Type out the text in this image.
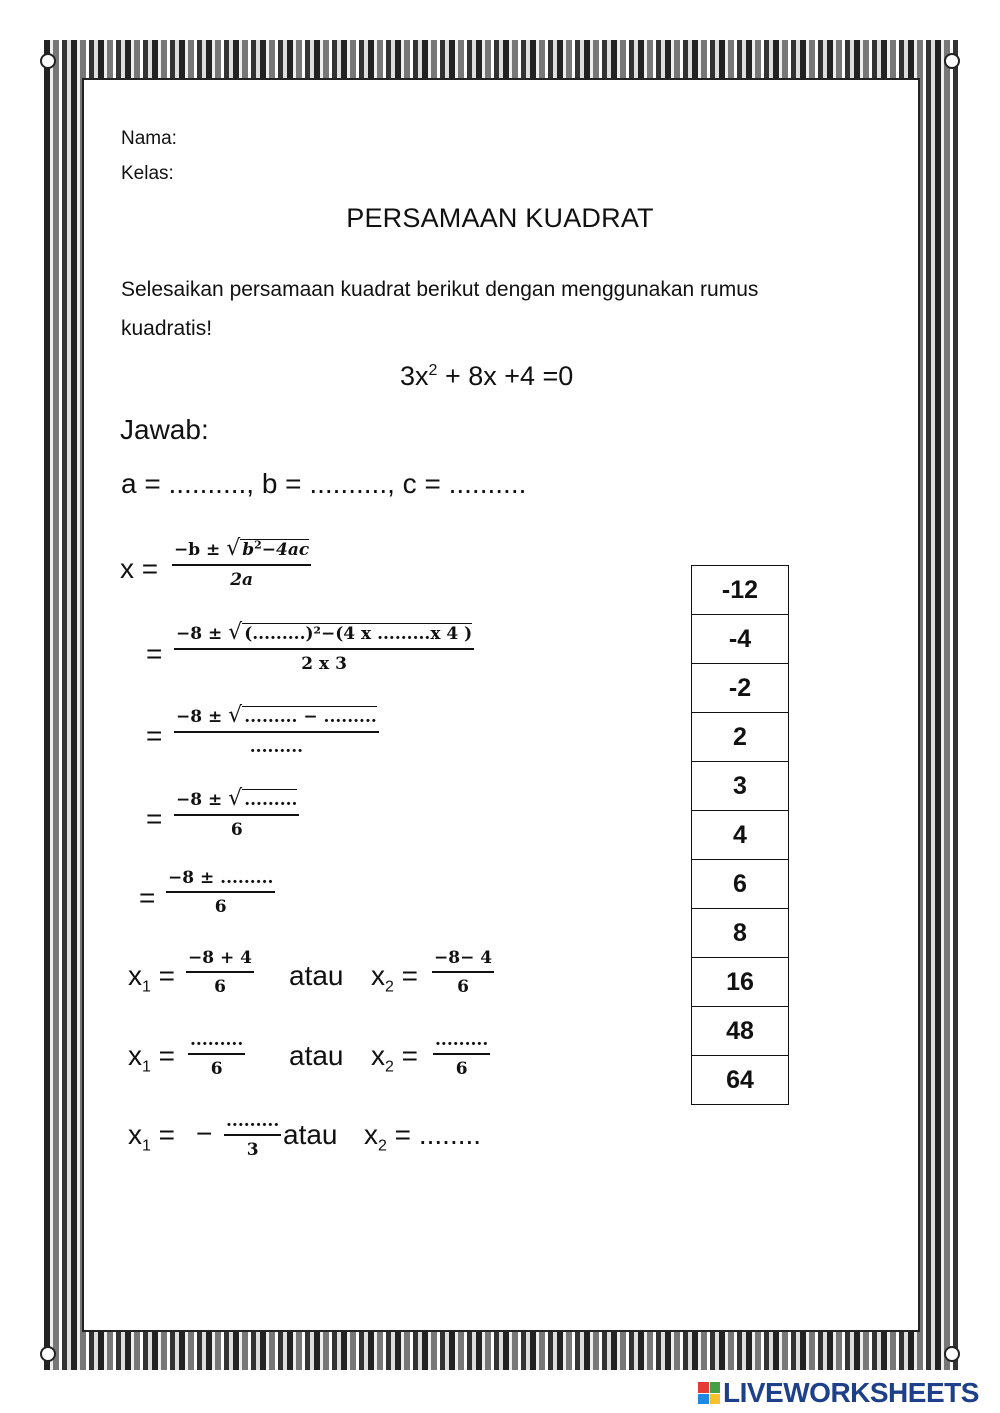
Nama:
Kelas:
PERSAMAAN KUADRAT
Selesaikan persamaan kuadrat berikut dengan menggunakan rumus
kuadratis!
$3x^2 + 8x +4 =0$
Jawab:
a = .........., b = .........., c = ..........
$x = \frac{-b \pm √ b^2-4ac}{2a}$
= $\frac{\text{−8 ± √ (.........)²−(4 x .........x 4 )}}{2 x 3}$
=
−8 ± √ ......... − .........
.........
= $\frac{-8 \pm √ .........}{6}$
= $\frac{-8 \pm .........}{6}$
$x_1 = \frac{-8 + 4}{6}$ atau $x_2 = \frac{-8- 4}{6}$
$x_1$ = .........
6 atau $x_2$ = .........
6
$x_1$ = − .........
3 atau $x_2$ = ........
-12
-4
-2
2
3
4
6
8
16
48
64
LIVEWORKSHEETS
